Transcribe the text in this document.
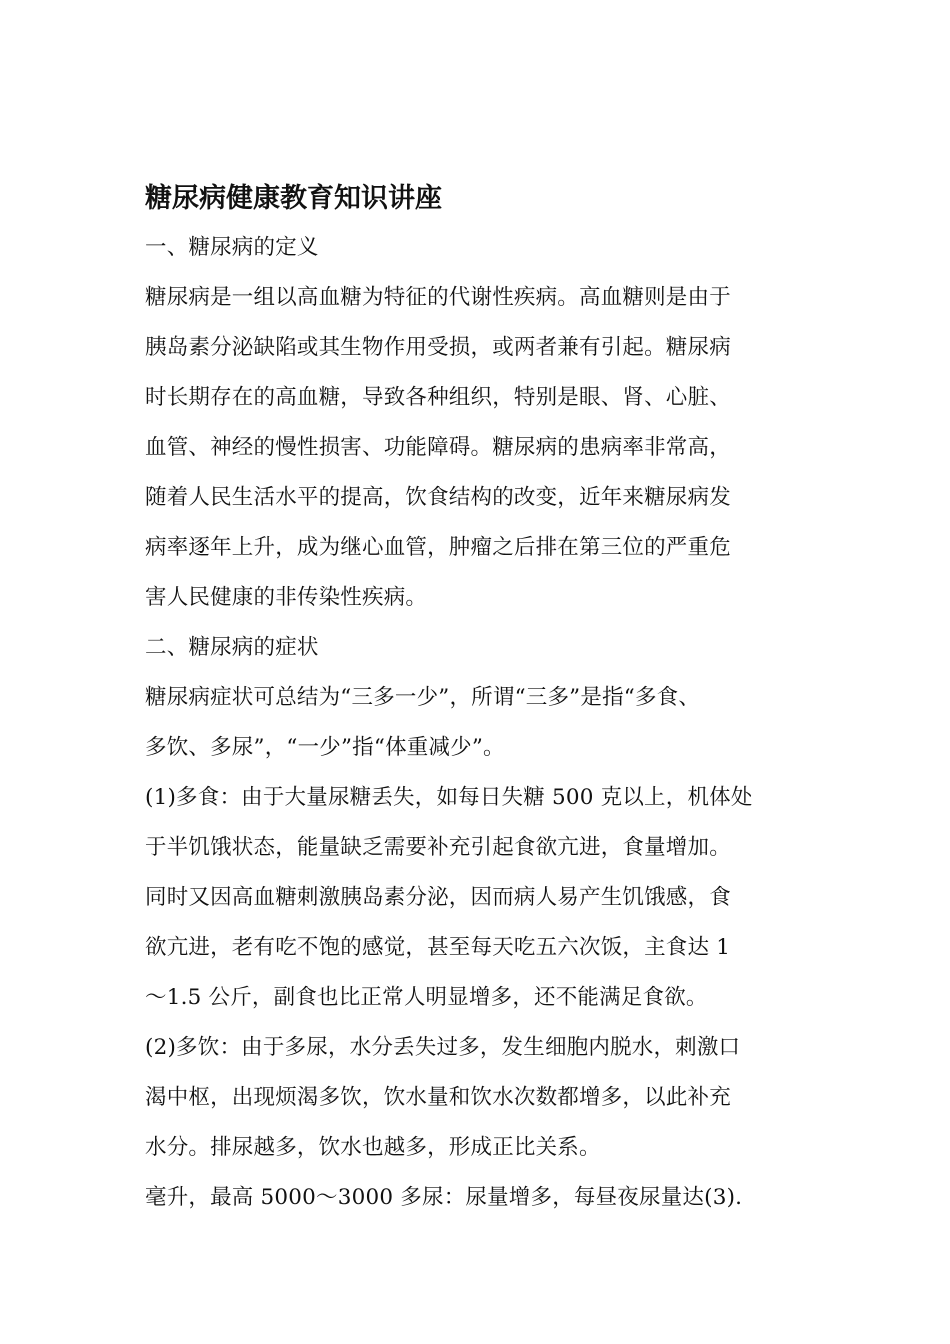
糖尿病健康教育知识讲座
一、糖尿病的定义
糖尿病是一组以高血糖为特征的代谢性疾病。高血糖则是由于
胰岛素分泌缺陷或其生物作用受损，或两者兼有引起。糖尿病
时长期存在的高血糖，导致各种组织，特别是眼、肾、心脏、
血管、神经的慢性损害、功能障碍。糖尿病的患病率非常高，
随着人民生活水平的提高，饮食结构的改变，近年来糖尿病发
病率逐年上升，成为继心血管，肿瘤之后排在第三位的严重危
害人民健康的非传染性疾病。
二、糖尿病的症状
糖尿病症状可总结为“三多一少”，所谓“三多”是指“多食、
多饮、多尿”，“一少”指“体重减少”。
(1)多食：由于大量尿糖丢失，如每日失糖 500 克以上，机体处
于半饥饿状态，能量缺乏需要补充引起食欲亢进，食量增加。
同时又因高血糖刺激胰岛素分泌，因而病人易产生饥饿感，食
欲亢进，老有吃不饱的感觉，甚至每天吃五六次饭，主食达 1
～1.5 公斤，副食也比正常人明显增多，还不能满足食欲。
(2)多饮：由于多尿，水分丢失过多，发生细胞内脱水，刺激口
渴中枢，出现烦渴多饮，饮水量和饮水次数都增多，以此补充
水分。排尿越多，饮水也越多，形成正比关系。
毫升，最高 5000～3000 多尿：尿量增多，每昼夜尿量达(3).
